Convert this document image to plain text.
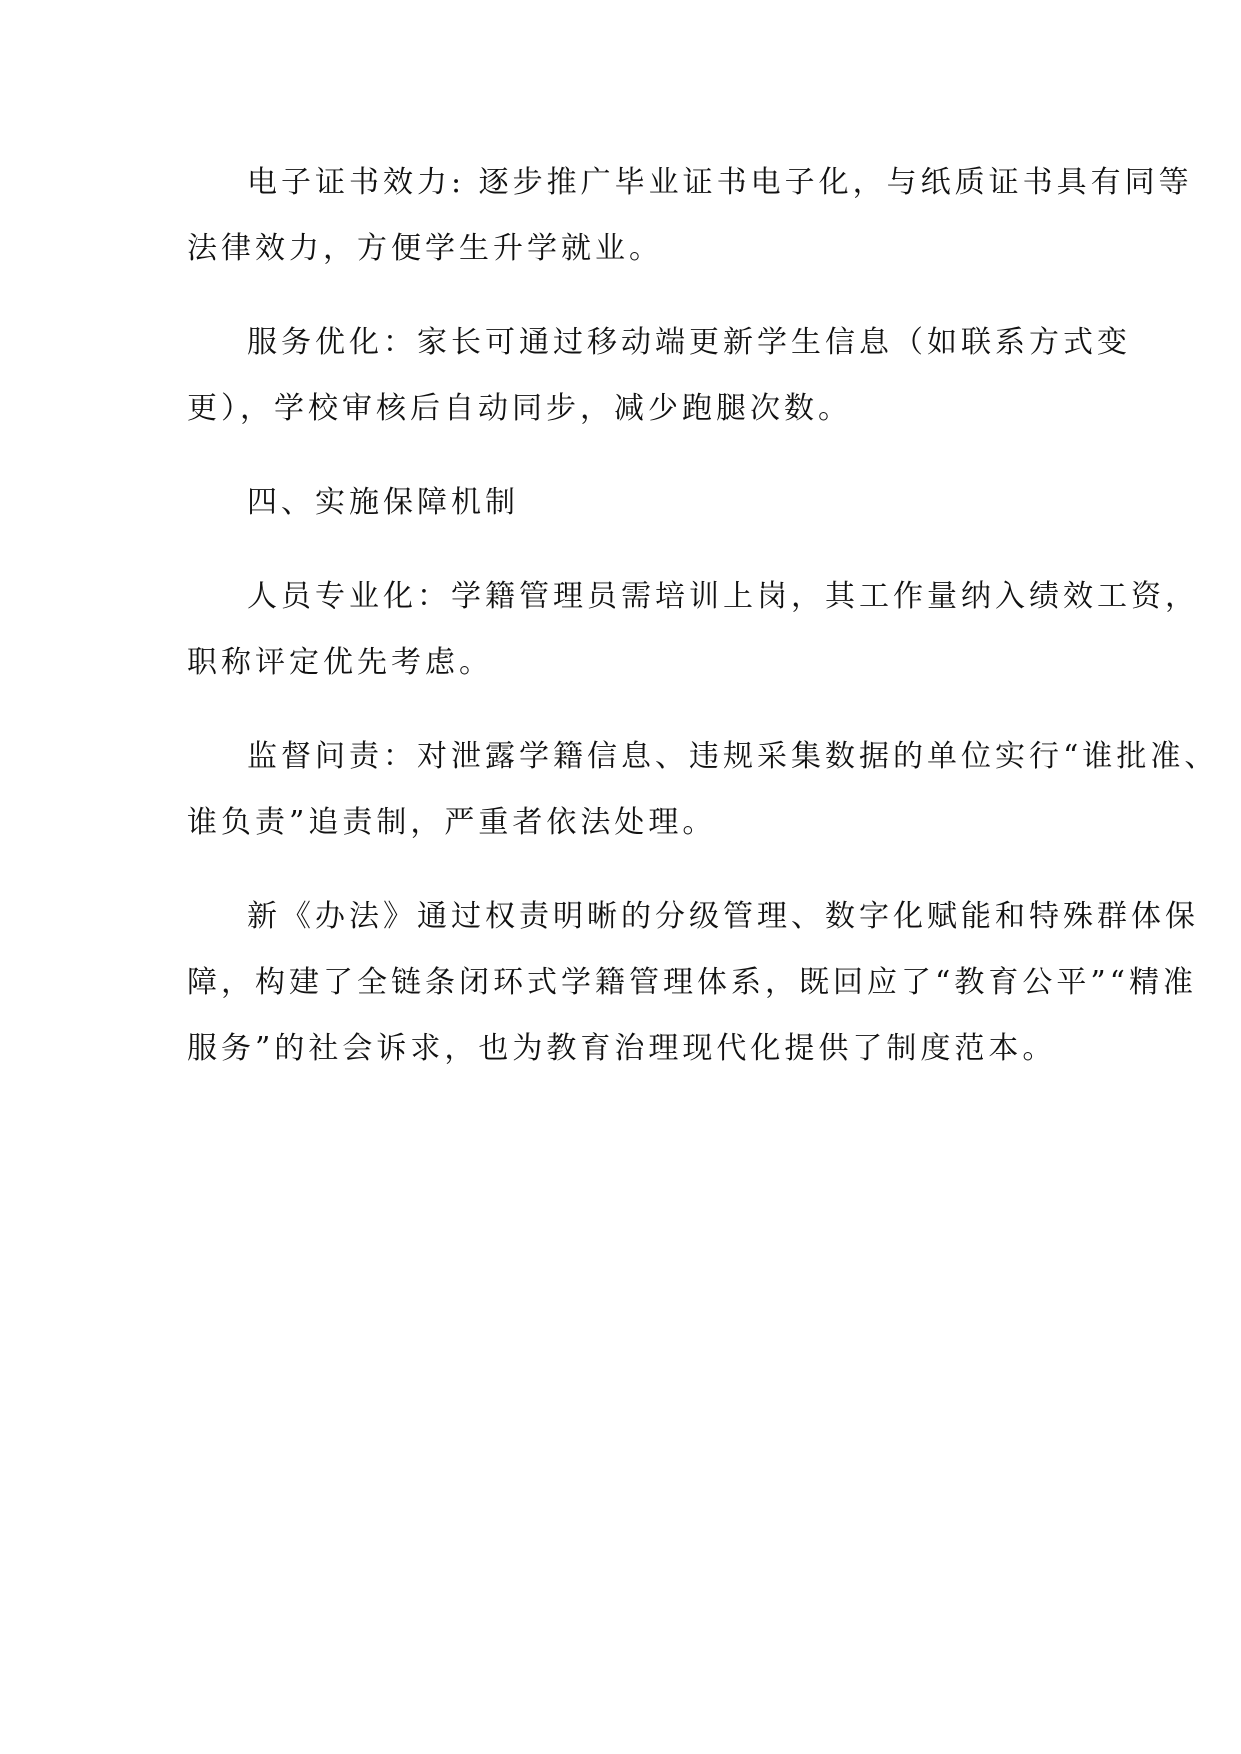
电子证书效力: 逐步推广毕业证书电子化，与纸质证书具有同等
法律效力，方便学生升学就业。

服务优化：家长可通过移动端更新学生信息（如联系方式变
更），学校审核后自动同步，减少跑腿次数。

四、实施保障机制

人员专业化：学籍管理员需培训上岗，其工作量纳入绩效工资，
职称评定优先考虑。

监督问责：对泄露学籍信息、违规采集数据的单位实行“谁批准、
谁负责”追责制，严重者依法处理。

新《办法》通过权责明晰的分级管理、数字化赋能和特殊群体保
障，构建了全链条闭环式学籍管理体系，既回应了“教育公平”“精准
服务”的社会诉求，也为教育治理现代化提供了制度范本。
